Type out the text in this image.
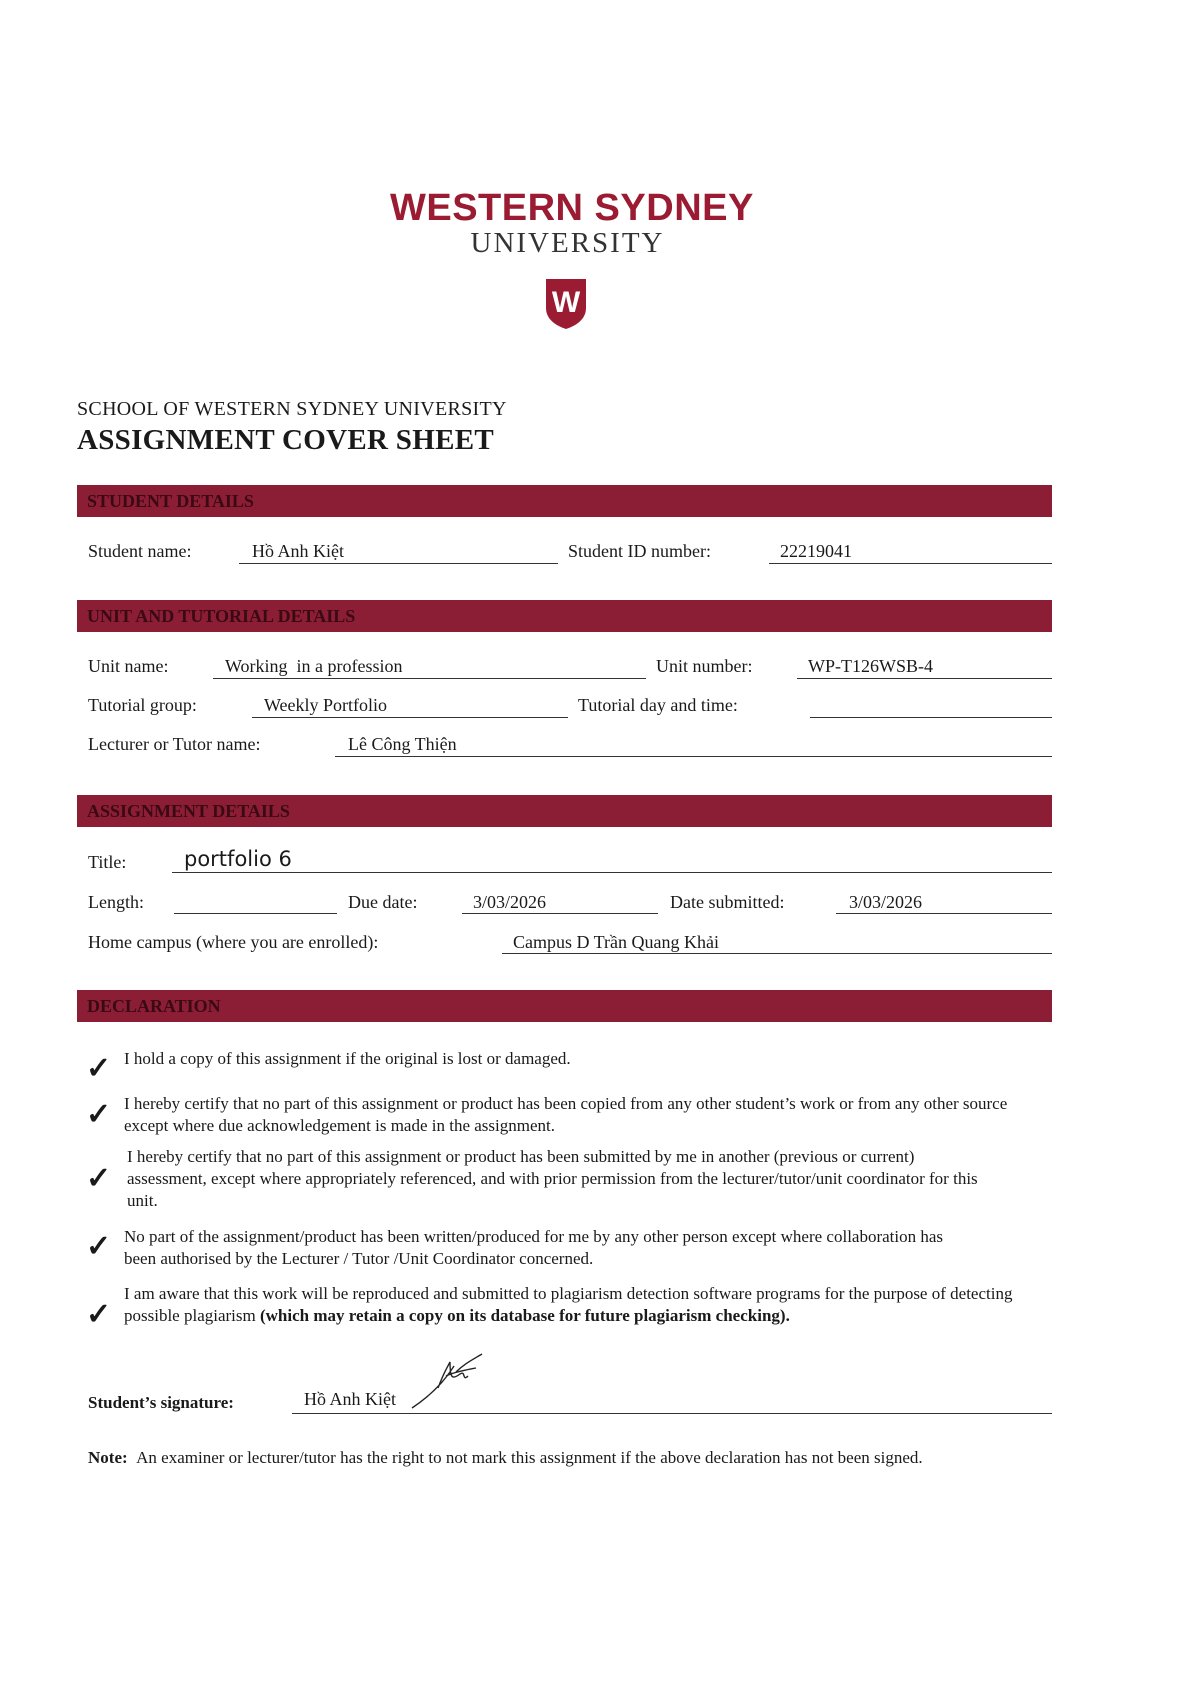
WESTERN SYDNEY
UNIVERSITY
W
SCHOOL OF WESTERN SYDNEY UNIVERSITY
ASSIGNMENT COVER SHEET
STUDENT DETAILS
Student name:	Hồ Anh Kiệt	Student ID number:	22219041
UNIT AND TUTORIAL DETAILS
Unit name:	Working  in a profession	Unit number:	WP-T126WSB-4
Tutorial group:	Weekly Portfolio	Tutorial day and time:
Lecturer or Tutor name:	Lê Công Thiện
ASSIGNMENT DETAILS
Title:	portfolio 6
Length:	Due date:	3/03/2026	Date submitted:	3/03/2026
Home campus (where you are enrolled):	Campus D Trần Quang Khải
DECLARATION
✓ I hold a copy of this assignment if the original is lost or damaged.
✓ I hereby certify that no part of this assignment or product has been copied from any other student’s work or from any other source except where due acknowledgement is made in the assignment.
✓
I hereby certify that no part of this assignment or product has been submitted by me in another (previous or current) assessment, except where appropriately referenced, and with prior permission from the lecturer/tutor/unit coordinator for this unit.
✓ No part of the assignment/product has been written/produced for me by any other person except where collaboration has been authorised by the Lecturer / Tutor /Unit Coordinator concerned.
✓
I am aware that this work will be reproduced and submitted to plagiarism detection software programs for the purpose of detecting possible plagiarism (which may retain a copy on its database for future plagiarism checking).
Student’s signature:	Hồ Anh Kiệt
Note: An examiner or lecturer/tutor has the right to not mark this assignment if the above declaration has not been signed.
